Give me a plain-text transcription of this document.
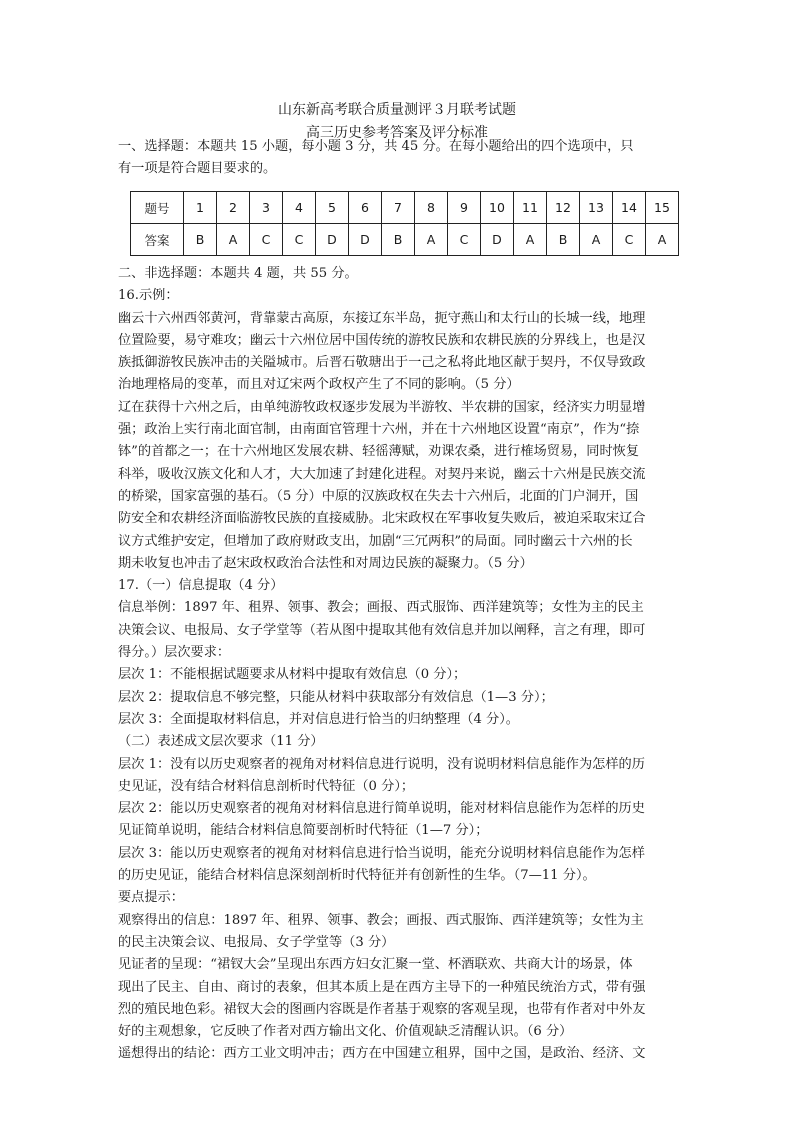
山东新高考联合质量测评３月联考试题
高三历史参考答案及评分标准
一、选择题：本题共 15 小题，每小题 3 分，共 45 分。在每小题给出的四个选项中，只
有一项是符合题目要求的。
题号	1	2	3	4	5	6	7	8	9	10	11	12	13	14	15
答案	B	A	C	C	D	D	B	A	C	D	A	B	A	C	A
二、非选择题：本题共 4 题，共 55 分。
16.示例：
幽云十六州西邻黄河，背靠蒙古高原，东接辽东半岛，扼守燕山和太行山的长城一线，地理
位置险要，易守难攻；幽云十六州位居中国传统的游牧民族和农耕民族的分界线上，也是汉
族抵御游牧民族冲击的关隘城市。后晋石敬瑭出于一己之私将此地区献于契丹，不仅导致政
治地理格局的变革，而且对辽宋两个政权产生了不同的影响。（5 分）
辽在获得十六州之后，由单纯游牧政权逐步发展为半游牧、半农耕的国家，经济实力明显增
强；政治上实行南北面官制，由南面官管理十六州，并在十六州地区设置“南京”，作为“捺
钵”的首都之一；在十六州地区发展农耕、轻徭薄赋，劝课农桑，进行榷场贸易，同时恢复
科举，吸收汉族文化和人才，大大加速了封建化进程。对契丹来说，幽云十六州是民族交流
的桥梁，国家富强的基石。（5 分）中原的汉族政权在失去十六州后，北面的门户洞开，国
防安全和农耕经济面临游牧民族的直接威胁。北宋政权在军事收复失败后，被迫采取宋辽合
议方式维护安定，但增加了政府财政支出，加剧“三冗两积”的局面。同时幽云十六州的长
期未收复也冲击了赵宋政权政治合法性和对周边民族的凝聚力。（5 分）
17.（一）信息提取（4 分）
信息举例：1897 年、租界、领事、教会；画报、西式服饰、西洋建筑等；女性为主的民主
决策会议、电报局、女子学堂等（若从图中提取其他有效信息并加以阐释，言之有理，即可
得分。）层次要求：
层次 1：不能根据试题要求从材料中提取有效信息（0 分）；
层次 2：提取信息不够完整，只能从材料中获取部分有效信息（1—3 分）；
层次 3：全面提取材料信息，并对信息进行恰当的归纳整理（4 分）。
（二）表述成文层次要求（11 分）
层次 1：没有以历史观察者的视角对材料信息进行说明，没有说明材料信息能作为怎样的历
史见证，没有结合材料信息剖析时代特征（0 分）；
层次 2：能以历史观察者的视角对材料信息进行简单说明，能对材料信息能作为怎样的历史
见证简单说明，能结合材料信息简要剖析时代特征（1—7 分）；
层次 3：能以历史观察者的视角对材料信息进行恰当说明，能充分说明材料信息能作为怎样
的历史见证，能结合材料信息深刻剖析时代特征并有创新性的生华。（7—11 分）。
要点提示：
观察得出的信息：1897 年、租界、领事、教会；画报、西式服饰、西洋建筑等；女性为主
的民主决策会议、电报局、女子学堂等（3 分）
见证者的呈现：“裙钗大会”呈现出东西方妇女汇聚一堂、杯酒联欢、共商大计的场景，体
现出了民主、自由、商讨的表象，但其本质上是在西方主导下的一种殖民统治方式，带有强
烈的殖民地色彩。裙钗大会的图画内容既是作者基于观察的客观呈现，也带有作者对中外友
好的主观想象，它反映了作者对西方输出文化、价值观缺乏清醒认识。（6 分）
遥想得出的结论：西方工业文明冲击；西方在中国建立租界，国中之国，是政治、经济、文
